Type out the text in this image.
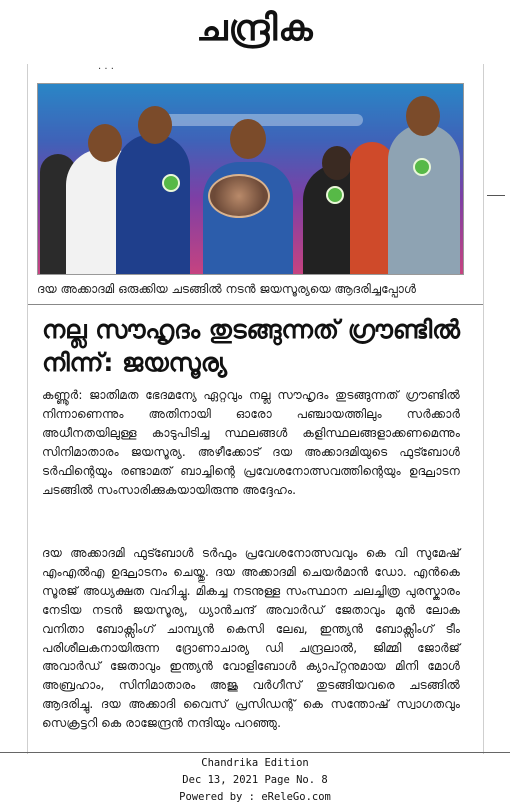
ചന്ദ്രിക
· · ·
ദയ അക്കാദമി ഒരുക്കിയ ചടങ്ങിൽ നടൻ ജയസൂര്യയെ ആദരിച്ചപ്പോൾ
നല്ല സൗഹൃദം തുടങ്ങുന്നത് ഗ്രൗണ്ടിൽ നിന്ന്: ജയസൂര്യ
കണ്ണൂർ: ജാതിമത ഭേദമന്യേ ഏറ്റവും നല്ല സൗഹൃദം തുടങ്ങുന്നത് ഗ്രൗണ്ടിൽ നിന്നാണെന്നും അതിനായി ഓരോ പഞ്ചായത്തിലും സർക്കാർ അധീനതയിലുള്ള കാടുപിടിച്ച സ്ഥലങ്ങൾ കളിസ്ഥലങ്ങളാക്കണമെന്നും സിനിമാതാരം ജയസൂര്യ. അഴീക്കോട് ദയ അക്കാദമിയുടെ ഫുട്ബോൾ ടർഫിന്റെയും രണ്ടാമത് ബാച്ചിന്റെ പ്രവേശനോത്സവത്തിന്റെയും ഉദ്ഘാടന ചടങ്ങിൽ സംസാരിക്കുകയായിരുന്നു അദ്ദേഹം.
ദയ അക്കാദമി ഫുട്ബോൾ ടർഫും പ്രവേശനോത്സവവും കെ വി സുമേഷ് എംഎൽഎ ഉദ്ഘാടനം ചെയ്തു. ദയ അക്കാദമി ചെയർമാൻ ഡോ. എൻകെ സൂരജ് അധ്യക്ഷത വഹിച്ചു. മികച്ച നടനുള്ള സംസ്ഥാന ചലച്ചിത്ര പുരസ്കാരം നേടിയ നടൻ ജയസൂര്യ, ധ്യാൻചന്ദ് അവാർഡ് ജേതാവും മുൻ ലോക വനിതാ ബോക്സിംഗ് ചാമ്പ്യൻ കെസി ലേഖ, ഇന്ത്യൻ ബോക്സിംഗ് ടീം പരിശീലകനായിരുന്ന ദ്രോണാചാര്യ ഡി ചന്ദ്രലാൽ, ജിമ്മി ജോർജ് അവാർഡ് ജേതാവും ഇന്ത്യൻ വോളിബോൾ ക്യാപ്റ്റനുമായ മിനി മോൾ അബ്രഹാം, സിനിമാതാരം അജു വർഗീസ് തുടങ്ങിയവരെ ചടങ്ങിൽ ആദരിച്ചു. ദയ അക്കാദി വൈസ് പ്രസിഡന്റ് കെ സന്തോഷ് സ്വാഗതവും സെക്രട്ടറി കെ രാജേന്ദ്രൻ നന്ദിയും പറഞ്ഞു.
Chandrika Edition
Dec 13, 2021 Page No. 8
Powered by : eReleGo.com
